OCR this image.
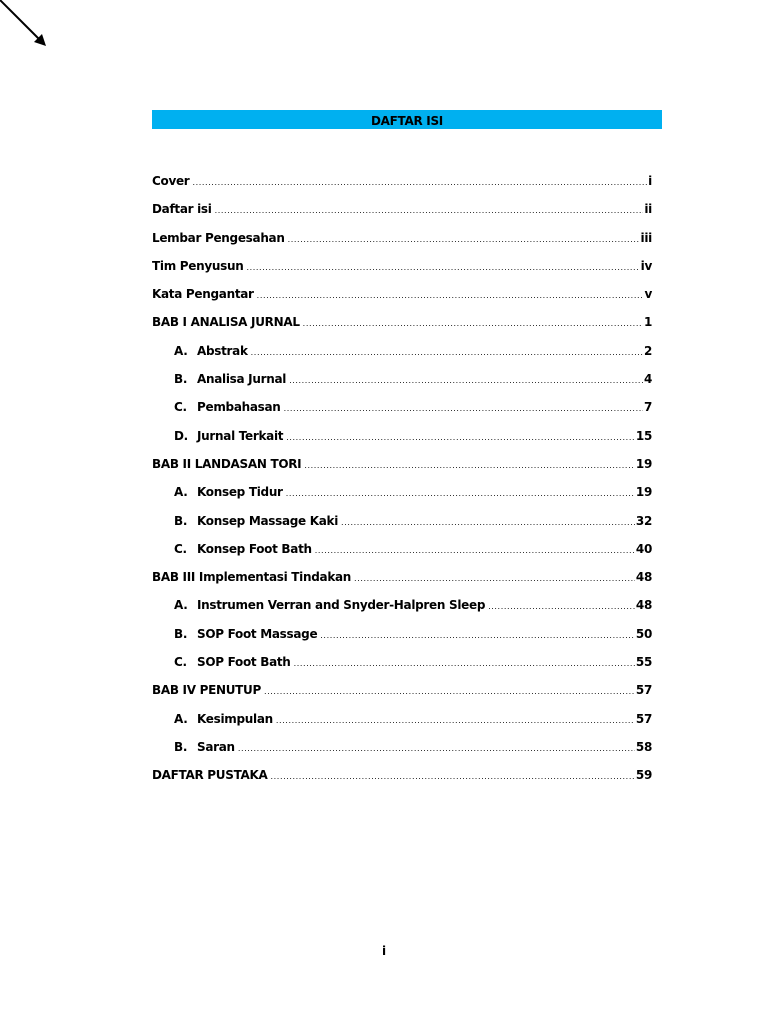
DAFTAR ISI
Cover .....	i
Daftar isi .....	ii
Lembar Pengesahan .....	iii
Tim Penyusun .....	iv
Kata Pengantar .....	v
BAB I ANALISA JURNAL .....	1
A. Abstrak .....	2
B. Analisa Jurnal .....	4
C. Pembahasan .....	7
D. Jurnal Terkait .....	15
BAB II LANDASAN TORI .....	19
A. Konsep Tidur .....	19
B. Konsep Massage Kaki .....	32
C. Konsep Foot Bath .....	40
BAB III Implementasi Tindakan .....	48
A. Instrumen Verran and Snyder-Halpren Sleep .....	48
B. SOP Foot Massage .....	50
C. SOP Foot Bath .....	55
BAB IV PENUTUP .....	57
A. Kesimpulan .....	57
B. Saran .....	58
DAFTAR PUSTAKA .....	59
i
